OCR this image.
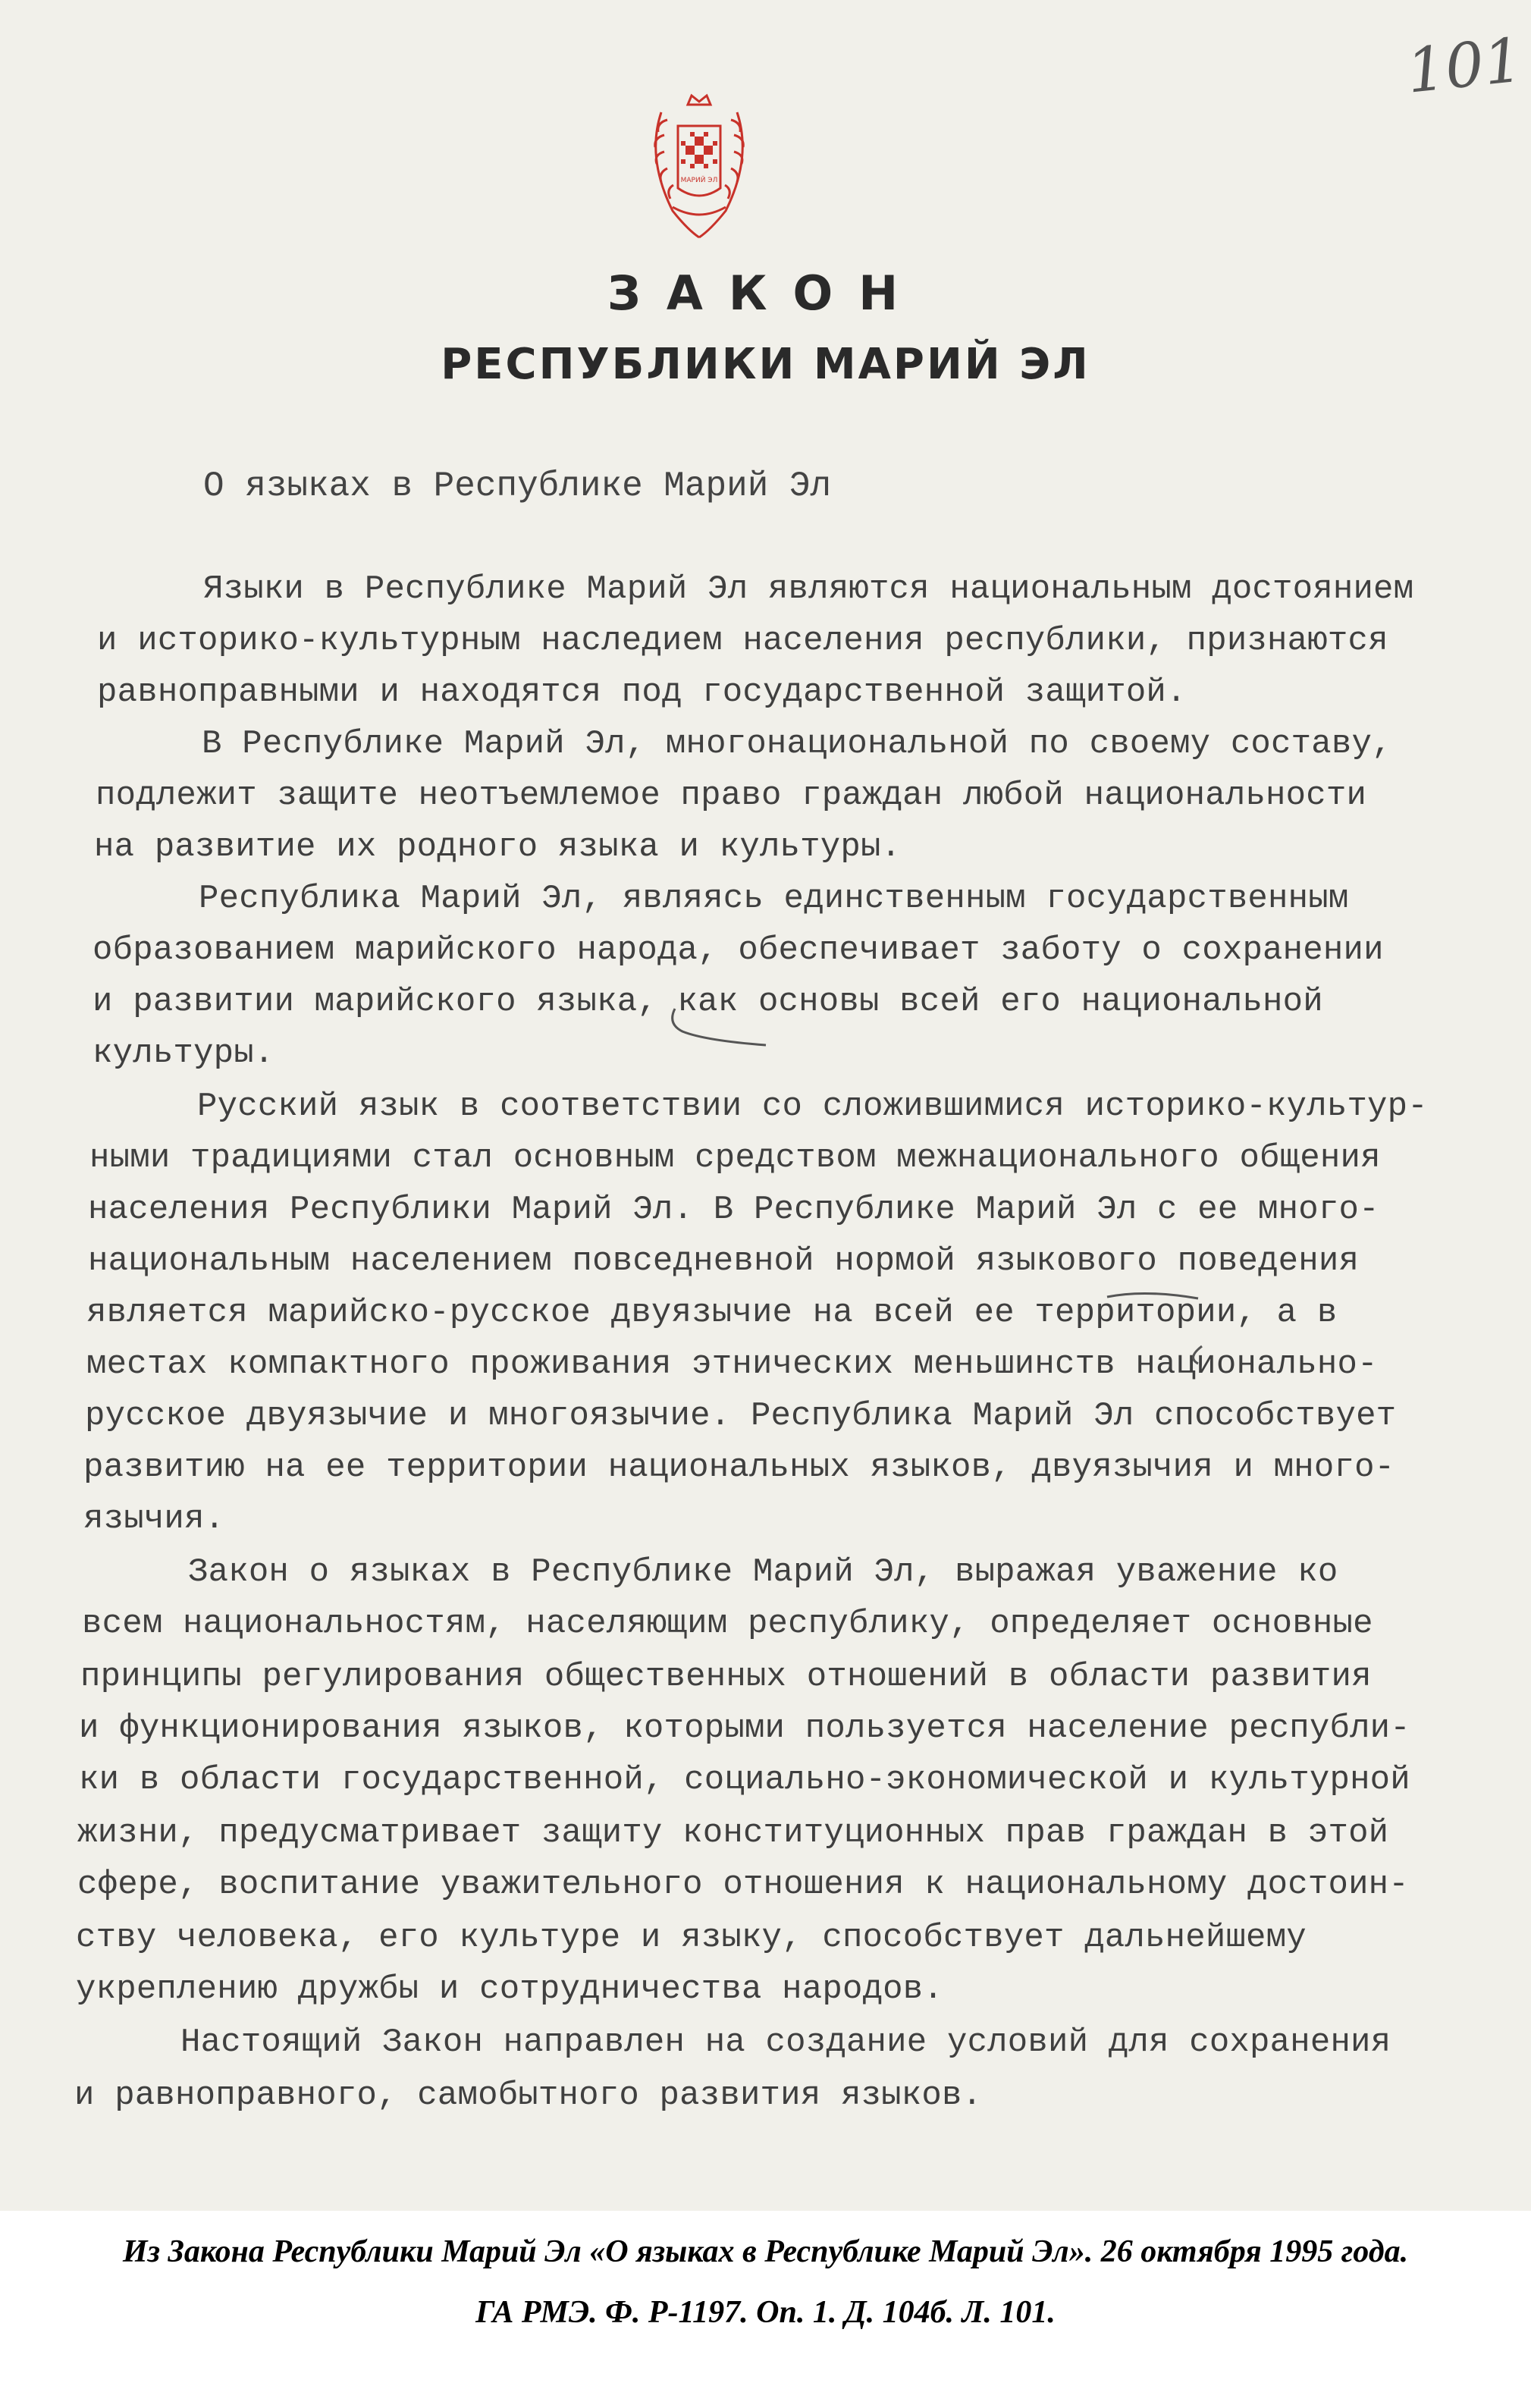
101
МАРИЙ ЭЛ
ЗАКОН
РЕСПУБЛИКИ МАРИЙ ЭЛ
О языках в Республике Марий Эл
Языки в Республике Марий Эл являются национальным достоянием
и историко-культурным наследием населения республики, признаются
равноправными и находятся под государственной защитой.
В Республике Марий Эл, многонациональной по своему составу,
подлежит защите неотъемлемое право граждан любой национальности
на развитие их родного языка и культуры.
Республика Марий Эл, являясь единственным государственным
образованием марийского народа, обеспечивает заботу о сохранении
и развитии марийского языка, как основы всей его национальной
культуры.
Русский язык в соответствии со сложившимися историко-культур-
ными традициями стал основным средством межнационального общения
населения Республики Марий Эл. В Республике Марий Эл с ее много-
национальным населением повседневной нормой языкового поведения
является марийско-русское двуязычие на всей ее территории, а в
местах компактного проживания этнических меньшинств национально-
русское двуязычие и многоязычие. Республика Марий Эл способствует
развитию на ее территории национальных языков, двуязычия и много-
язычия.
Закон о языках в Республике Марий Эл, выражая уважение ко
всем национальностям, населяющим республику, определяет основные
принципы регулирования общественных отношений в области развития
и функционирования языков, которыми пользуется население республи-
ки в области государственной, социально-экономической и культурной
жизни, предусматривает защиту конституционных прав граждан в этой
сфере, воспитание уважительного отношения к национальному достоин-
ству человека, его культуре и языку, способствует дальнейшему
укреплению дружбы и сотрудничества народов.
Настоящий Закон направлен на создание условий для сохранения
и равноправного, самобытного развития языков.
Из Закона Республики Марий Эл «О языках в Республике Марий Эл». 26 октября 1995 года.
ГА РМЭ. Ф. Р-1197. Оп. 1. Д. 104б. Л. 101.
